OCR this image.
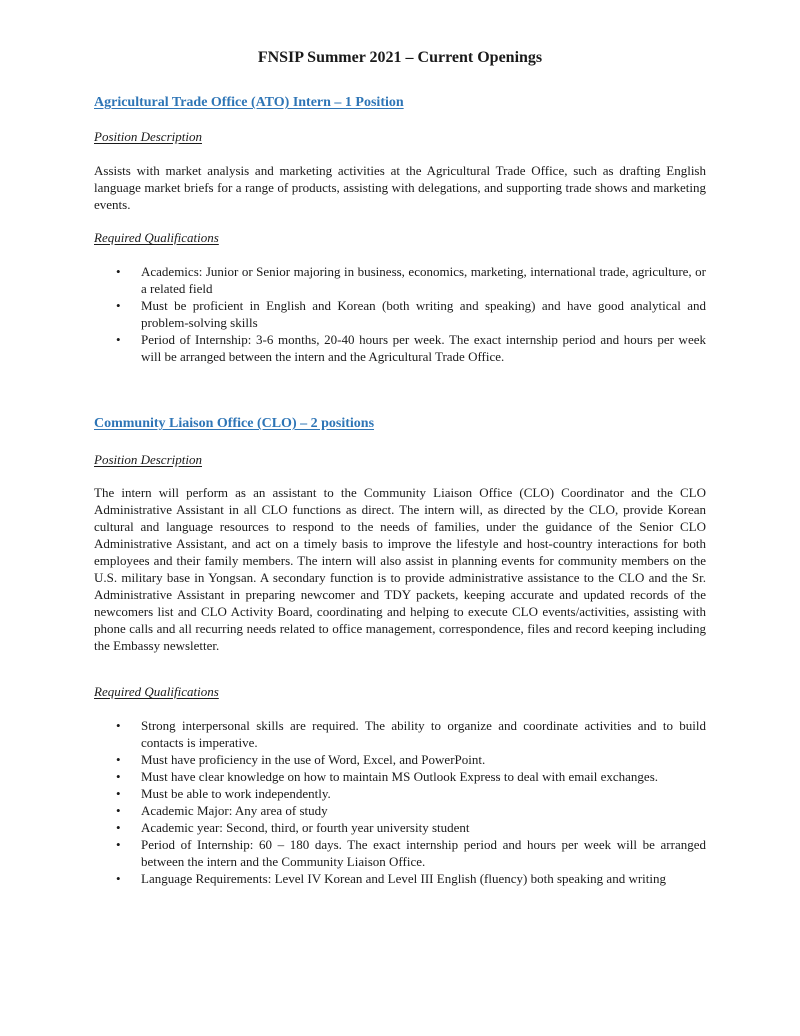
FNSIP Summer 2021 – Current Openings
Agricultural Trade Office (ATO) Intern – 1 Position
Position Description
Assists with market analysis and marketing activities at the Agricultural Trade Office, such as drafting English language market briefs for a range of products, assisting with delegations, and supporting trade shows and marketing events.
Required Qualifications
• Academics: Junior or Senior majoring in business, economics, marketing, international trade, agriculture, or a related field
• Must be proficient in English and Korean (both writing and speaking) and have good analytical and problem-solving skills
• Period of Internship: 3-6 months, 20-40 hours per week. The exact internship period and hours per week will be arranged between the intern and the Agricultural Trade Office.
Community Liaison Office (CLO) – 2 positions
Position Description
The intern will perform as an assistant to the Community Liaison Office (CLO) Coordinator and the CLO Administrative Assistant in all CLO functions as direct. The intern will, as directed by the CLO, provide Korean cultural and language resources to respond to the needs of families, under the guidance of the Senior CLO Administrative Assistant, and act on a timely basis to improve the lifestyle and host-country interactions for both employees and their family members. The intern will also assist in planning events for community members on the U.S. military base in Yongsan. A secondary function is to provide administrative assistance to the CLO and the Sr. Administrative Assistant in preparing newcomer and TDY packets, keeping accurate and updated records of the newcomers list and CLO Activity Board, coordinating and helping to execute CLO events/activities, assisting with phone calls and all recurring needs related to office management, correspondence, files and record keeping including the Embassy newsletter.
Required Qualifications
• Strong interpersonal skills are required. The ability to organize and coordinate activities and to build contacts is imperative.
• Must have proficiency in the use of Word, Excel, and PowerPoint.
• Must have clear knowledge on how to maintain MS Outlook Express to deal with email exchanges.
• Must be able to work independently.
• Academic Major: Any area of study
• Academic year: Second, third, or fourth year university student
• Period of Internship: 60 – 180 days. The exact internship period and hours per week will be arranged between the intern and the Community Liaison Office.
• Language Requirements: Level IV Korean and Level III English (fluency) both speaking and writing
